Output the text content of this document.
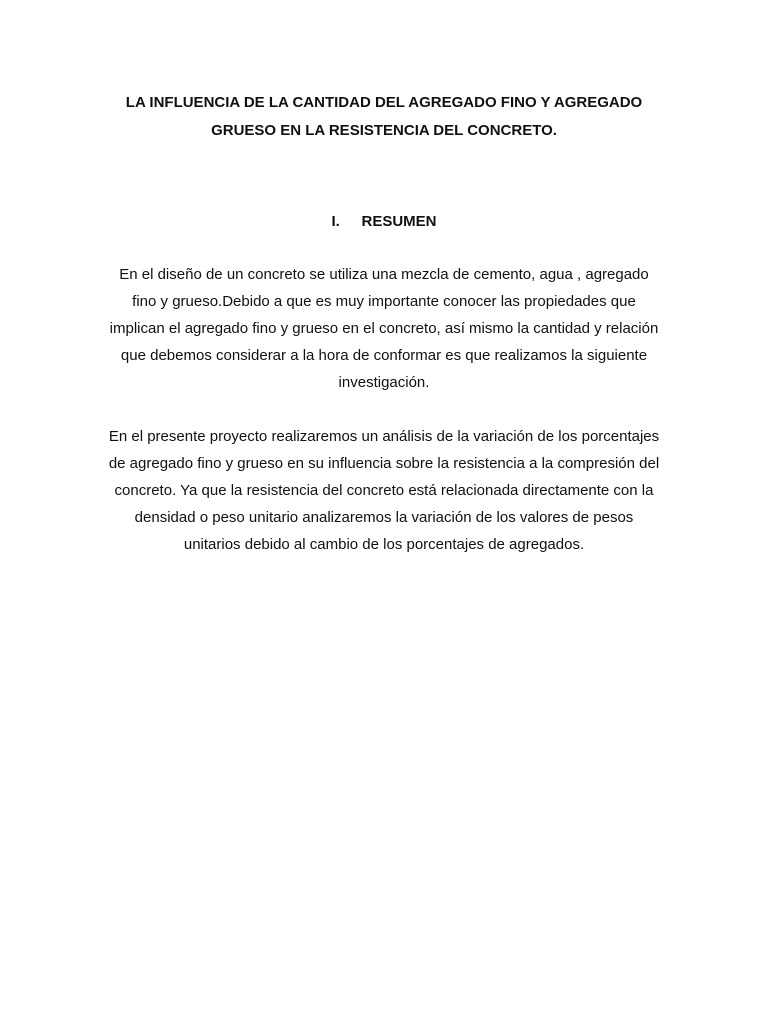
LA INFLUENCIA DE LA CANTIDAD DEL AGREGADO FINO Y AGREGADO
GRUESO EN LA RESISTENCIA DEL CONCRETO.
I. RESUMEN

En el diseño de un concreto se utiliza una mezcla de cemento, agua , agregado
fino y grueso.Debido a que es muy importante conocer las propiedades que
implican el agregado fino y grueso en el concreto, así mismo la cantidad y relación
que debemos considerar a la hora de conformar es que realizamos la siguiente
investigación.

En el presente proyecto realizaremos un análisis de la variación de los porcentajes
de agregado fino y grueso en su influencia sobre la resistencia a la compresión del
concreto. Ya que la resistencia del concreto está relacionada directamente con la
densidad o peso unitario analizaremos la variación de los valores de pesos
unitarios debido al cambio de los porcentajes de agregados.
